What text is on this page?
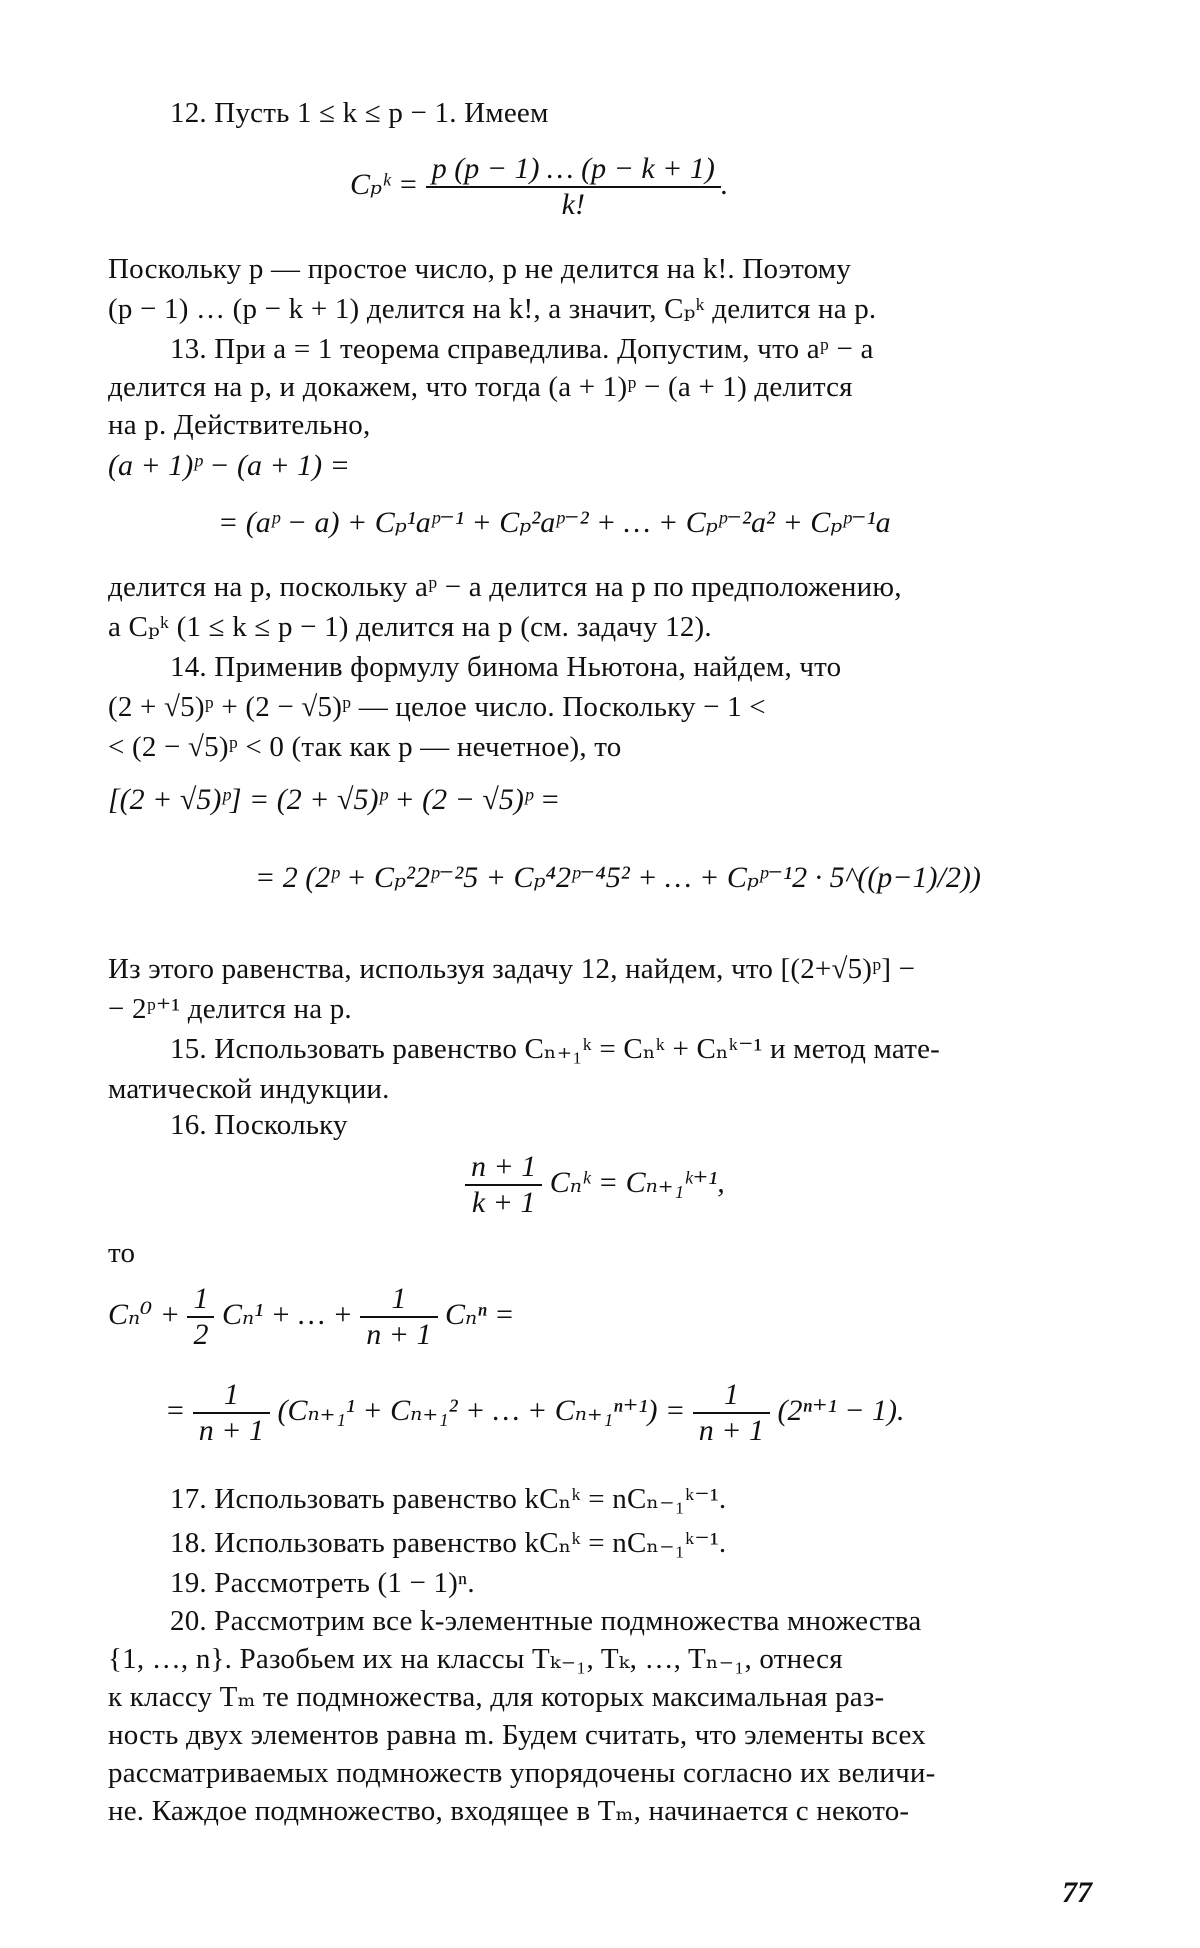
12. Пусть 1 ≤ k ≤ p − 1. Имеем
Cₚᵏ = $\frac{p (p - 1) \dots (p - k + 1)}{k!}$ .
Поскольку p — простое число, p не делится на k!. Поэтому
(p − 1) … (p − k + 1) делится на k!, а значит, Cₚᵏ делится на p.
13. При a = 1 теорема справедлива. Допустим, что aᵖ − a
делится на p, и докажем, что тогда (a + 1)ᵖ − (a + 1) делится
на p. Действительно,
(a + 1)ᵖ − (a + 1) =
= (aᵖ − a) + Cₚ¹aᵖ⁻¹ + Cₚ²aᵖ⁻² + … + Cₚᵖ⁻²a² + Cₚᵖ⁻¹a
делится на p, поскольку aᵖ − a делится на p по предположению,
а Cₚᵏ (1 ≤ k ≤ p − 1) делится на p (см. задачу 12).
14. Применив формулу бинома Ньютона, найдем, что
(2 + √5)ᵖ + (2 − √5)ᵖ — целое число. Поскольку − 1 <
< (2 − √5)ᵖ < 0 (так как p — нечетное), то
[(2 + √5)ᵖ] = (2 + √5)ᵖ + (2 − √5)ᵖ =
= 2 (2ᵖ + Cₚ²2ᵖ⁻²5 + Cₚ⁴2ᵖ⁻⁴5² + … + Cₚᵖ⁻¹2 · 5^((p−1)/2))
Из этого равенства, используя задачу 12, найдем, что [(2+√5)ᵖ] −
− 2ᵖ⁺¹ делится на p.
15. Использовать равенство Cₙ₊₁ᵏ = Cₙᵏ + Cₙᵏ⁻¹ и метод мате-
матической индукции.
16. Поскольку
$\frac{n + 1}{k + 1}$ Cₙᵏ = Cₙ₊₁ᵏ⁺¹,
то
$C_n^0 + \frac{1}{2} C_n^1$ + … + $\frac{1}{n + 1}$ Cₙⁿ =
= $\frac{1}{n + 1} (C_{n+1}^1 + C_{n+1}^2$ + … + $C_{n+1}^{n+1}) = \frac{1}{n + 1} (2^{n+1} - 1)$.
17. Использовать равенство kCₙᵏ = nCₙ₋₁ᵏ⁻¹.
18. Использовать равенство kCₙᵏ = nCₙ₋₁ᵏ⁻¹.
19. Рассмотреть (1 − 1)ⁿ.
20. Рассмотрим все k-элементные подмножества множества
{1, …, n}. Разобьем их на классы Tₖ₋₁, Tₖ, …, Tₙ₋₁, отнеся
к классу Tₘ те подмножества, для которых максимальная раз-
ность двух элементов равна m. Будем считать, что элементы всех
рассматриваемых подмножеств упорядочены согласно их величи-
не. Каждое подмножество, входящее в Tₘ, начинается с некото-
77
